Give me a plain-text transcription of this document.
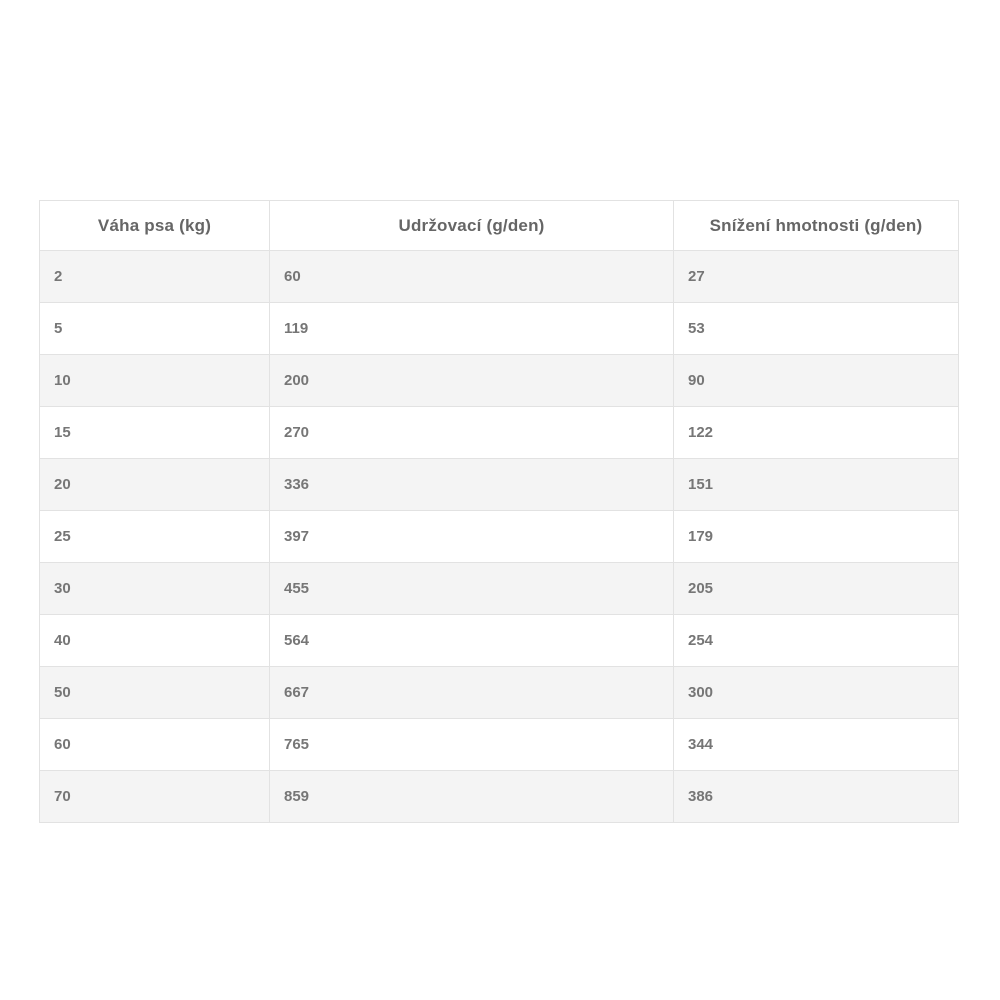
Váha psa (kg)	Udržovací (g/den)	Snížení hmotnosti (g/den)
2	60	27
5	119	53
10	200	90
15	270	122
20	336	151
25	397	179
30	455	205
40	564	254
50	667	300
60	765	344
70	859	386
